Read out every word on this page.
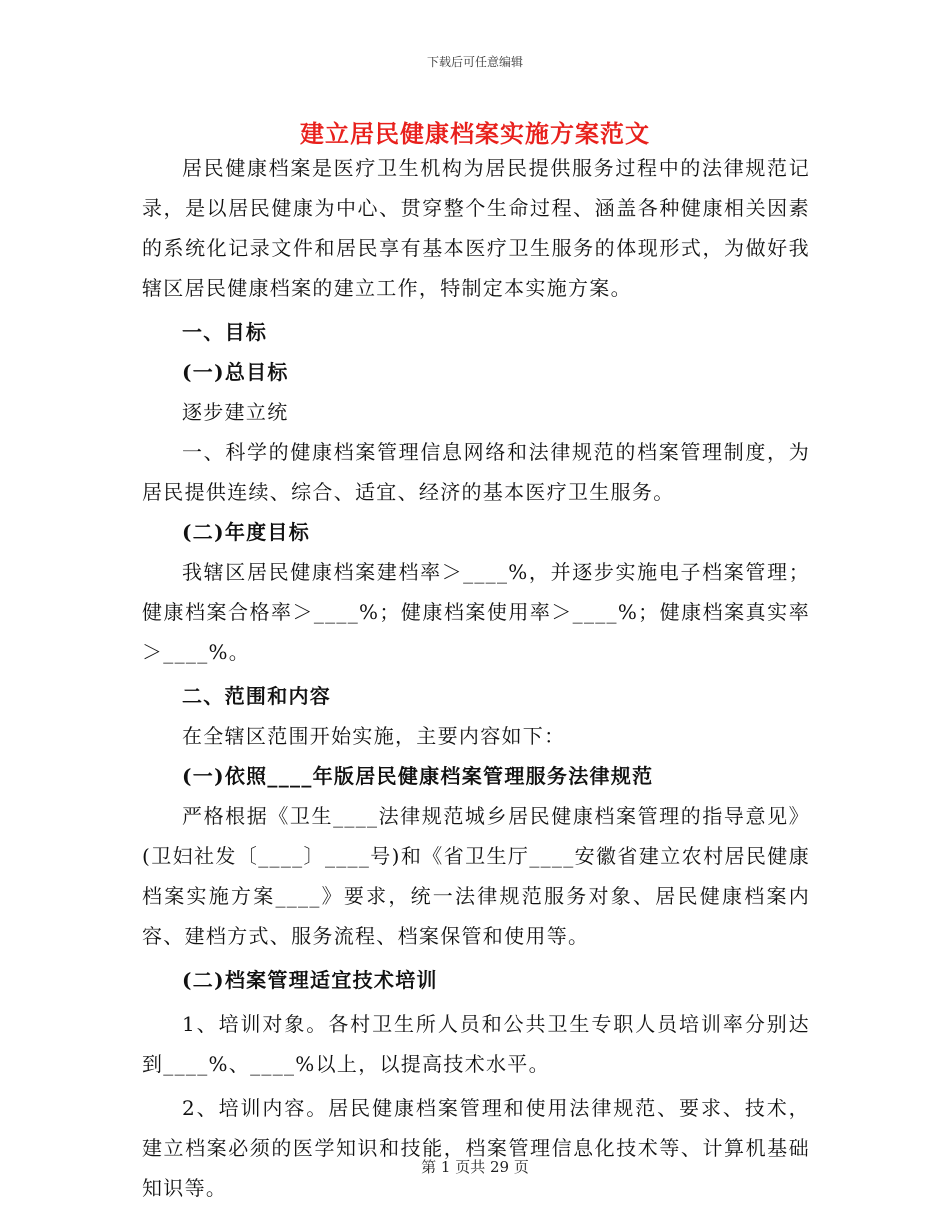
下载后可任意编辑
建立居民健康档案实施方案范文

居民健康档案是医疗卫生机构为居民提供服务过程中的法律规范记录，是以居民健康为中心、贯穿整个生命过程、涵盖各种健康相关因素的系统化记录文件和居民享有基本医疗卫生服务的体现形式，为做好我辖区居民健康档案的建立工作，特制定本实施方案。

一、目标

(一)总目标

逐步建立统

一、科学的健康档案管理信息网络和法律规范的档案管理制度，为居民提供连续、综合、适宜、经济的基本医疗卫生服务。

(二)年度目标

我辖区居民健康档案建档率＞____%，并逐步实施电子档案管理；健康档案合格率＞____%；健康档案使用率＞____%；健康档案真实率＞____%。

二、范围和内容

在全辖区范围开始实施，主要内容如下：

(一)依照____年版居民健康档案管理服务法律规范

严格根据《卫生____法律规范城乡居民健康档案管理的指导意见》(卫妇社发〔____〕____号)和《省卫生厅____安徽省建立农村居民健康档案实施方案____》要求，统一法律规范服务对象、居民健康档案内容、建档方式、服务流程、档案保管和使用等。

(二)档案管理适宜技术培训

1、培训对象。各村卫生所人员和公共卫生专职人员培训率分别达到____%、____%以上，以提高技术水平。

2、培训内容。居民健康档案管理和使用法律规范、要求、技术，建立档案必须的医学知识和技能，档案管理信息化技术等、计算机基础知识等。

第 1 页共 29 页
